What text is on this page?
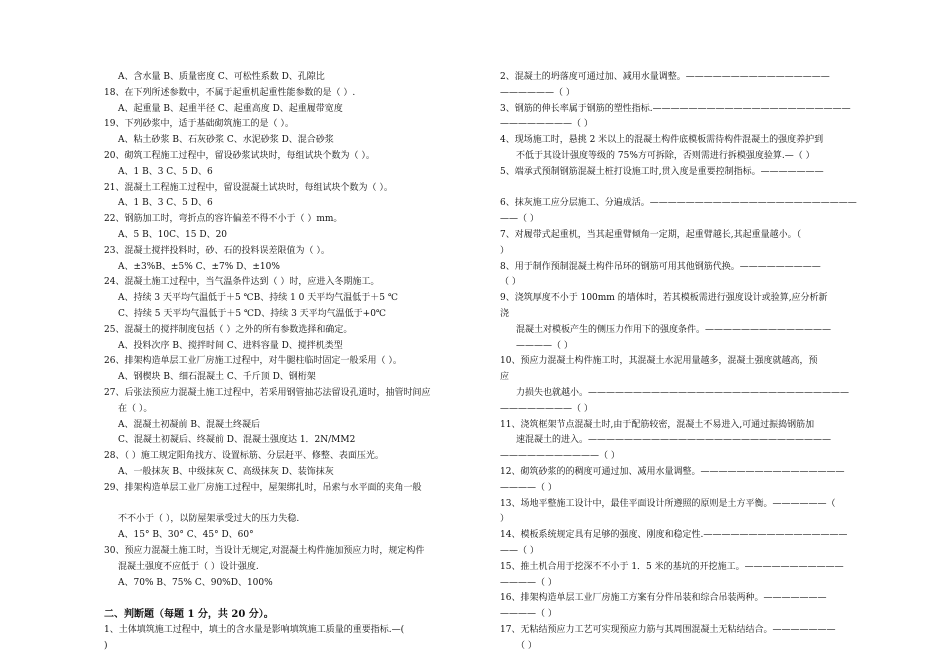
A、含水量 B、质量密度 C、可松性系数 D、孔隙比
18、在下列所述参数中，不属于起重机起重性能参数的是（ ）.
A、起重量 B、起重半径 C、起重高度 D、起重履带宽度
19、下列砂浆中，适于基础砌筑施工的是（ ）。
A、粘土砂浆 B、石灰砂浆 C、水泥砂浆 D、混合砂浆
20、砌筑工程施工过程中，留设砂浆试块时，每组试块个数为（ ）。
A、1 B、3 C、5 D、6
21、混凝土工程施工过程中，留设混凝土试块时，每组试块个数为（ ）。
A、1 B、3 C、5 D、6
22、钢筋加工时，弯折点的容许偏差不得不小于（ ）mm。
A、5 B、10C、15 D、20
23、混凝土搅拌投料时，砂、石的投料误差限值为（ ）。
A、±3%B、±5% C、±7% D、±10%
24、混凝土施工过程中，当气温条件达到（ ）时，应进入冬期施工。
A、持续 3 天平均气温低于＋5 ℃B、持续 1 0 天平均气温低于＋5 ℃
C、持续 5 天平均气温低于＋5 ℃D、持续 3 天平均气温低于+0℃
25、混凝土的搅拌制度包括（ ）之外的所有参数选择和确定。
A、投料次序 B、搅拌时间 C、进料容量 D、搅拌机类型
26、排架构造单层工业厂房施工过程中，对牛腿柱临时固定一般采用（ ）。
A、钢楔块 B、细石混凝土 C、千斤顶 D、钢桁架
27、后张法预应力混凝土施工过程中，若采用钢管抽芯法留设孔道时，抽管时间应
在（ ）。
A、混凝土初凝前 B、混凝土终凝后
C、混凝土初凝后、终凝前 D、混凝土强度达 1．2N/MM2
28、（ ）施工规定阳角找方、设置标筋、分层赶平、修整、表面压光。
A、一般抹灰 B、中级抹灰 C、高级抹灰 D、装饰抹灰
29、排架构造单层工业厂房施工过程中，屋架绑扎时，吊索与水平面的夹角一般
不不小于（ ），以防屋架承受过大的压力失稳.
A、15° B、30° C、45° D、60°
30、预应力混凝土施工时，当设计无规定,对混凝土构件施加预应力时，规定构件
混凝土强度不应低于（ ）设计强度.
A、70% B、75% C、90%D、100%
二、判断题（每题 1 分，共 20 分）。
1、土体填筑施工过程中，填土的含水量是影响填筑施工质量的重要指标.—(
)
2、混凝土的坍落度可通过加、减用水量调整。————————————————
——————（ ）
3、钢筋的伸长率属于钢筋的塑性指标.——————————————————————
————————（ ）
4、现场施工时，悬挑 2 米以上的混凝土构件底模板需待构件混凝土的强度养护到
不低于其设计强度等级的 75%方可拆除，否则需进行拆模强度验算.—（ ）
5、端承式预制钢筋混凝土桩打设施工时,贯入度是重要控制指标。———————
6、抹灰施工应分层施工、分遍成活。———————————————————————
——（ ）
7、对履带式起重机，当其起重臂倾角一定期，起重臂越长,其起重量越小。（
）
8、用于制作预制混凝土构件吊环的钢筋可用其他钢筋代换。—————————
（ ）
9、浇筑厚度不小于 100mm 的墙体时，若其模板需进行强度设计或验算,应分析新
浇
混凝土对模板产生的侧压力作用下的强度条件。——————————————
————（ ）
10、预应力混凝土构件施工时，其混凝土水泥用量越多，混凝土强度就越高，预
应
力损失也就越小。—————————————————————————————
————————（ ）
11、浇筑框架节点混凝土时,由于配筋较密，混凝土不易进入,可通过振捣钢筋加
速混凝土的进入。———————————————————————————
———————————（ ）
12、砌筑砂浆的的稠度可通过加、减用水量调整。————————————————
————（ ）
13、场地平整施工设计中，最佳平面设计所遵照的原则是土方平衡。——————（
）
14、模板系统规定具有足够的强度、刚度和稳定性.————————————————
——（ ）
15、推土机合用于挖深不不小于 1．5 米的基坑的开挖施工。———————————
————（ ）
16、排架构造单层工业厂房施工方案有分件吊装和综合吊装两种。———————
————（ ）
17、无粘结预应力工艺可实现预应力筋与其周围混凝土无粘结结合。———————
（ ）
